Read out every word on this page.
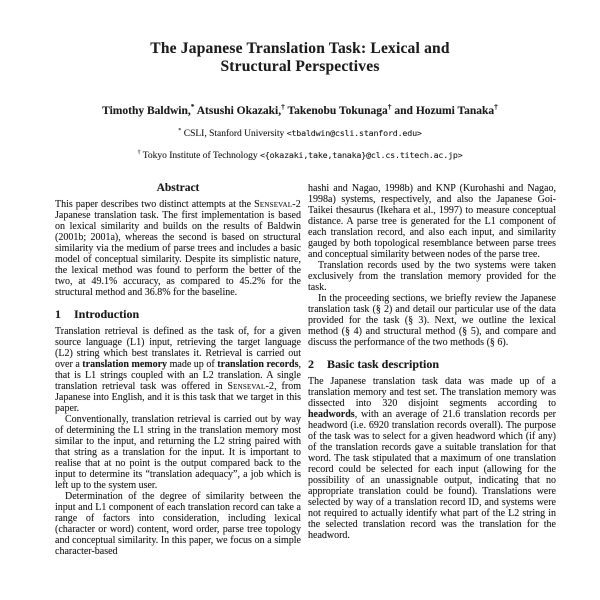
The Japanese Translation Task: Lexical and
Structural Perspectives
Timothy Baldwin,* Atsushi Okazaki,† Takenobu Tokunaga† and Hozumi Tanaka†
* CSLI, Stanford University <tbaldwin@csli.stanford.edu>
† Tokyo Institute of Technology <{okazaki,take,tanaka}@cl.cs.titech.ac.jp>
Abstract

This paper describes two distinct attempts at the Senseval-2 Japanese translation task. The first implementation is based on lexical similarity and builds on the results of Baldwin (2001b; 2001a), whereas the second is based on structural similarity via the medium of parse trees and includes a basic model of conceptual similarity. Despite its simplistic nature, the lexical method was found to perform the better of the two, at 49.1% accuracy, as compared to 45.2% for the structural method and 36.8% for the baseline.

1 Introduction

Translation retrieval is defined as the task of, for a given source language (L1) input, retrieving the target language (L2) string which best translates it. Retrieval is carried out over a translation memory made up of translation records, that is L1 strings coupled with an L2 translation. A single translation retrieval task was offered in Senseval-2, from Japanese into English, and it is this task that we target in this paper.

Conventionally, translation retrieval is carried out by way of determining the L1 string in the translation memory most similar to the input, and returning the L2 string paired with that string as a translation for the input. It is important to realise that at no point is the output compared back to the input to determine its “translation adequacy”, a job which is left up to the system user.

Determination of the degree of similarity between the input and L1 component of each translation record can take a range of factors into consideration, including lexical (character or word) content, word order, parse tree topology and conceptual similarity. In this paper, we focus on a simple character-based

hashi and Nagao, 1998b) and KNP (Kurohashi and Nagao, 1998a) systems, respectively, and also the Japanese Goi-Taikei thesaurus (Ikehara et al., 1997) to measure conceptual distance. A parse tree is generated for the L1 component of each translation record, and also each input, and similarity gauged by both topological resemblance between parse trees and conceptual similarity between nodes of the parse tree.

Translation records used by the two systems were taken exclusively from the translation memory provided for the task.

In the proceeding sections, we briefly review the Japanese translation task (§ 2) and detail our particular use of the data provided for the task (§ 3). Next, we outline the lexical method (§ 4) and structural method (§ 5), and compare and discuss the performance of the two methods (§ 6).

2 Basic task description

The Japanese translation task data was made up of a translation memory and test set. The translation memory was dissected into 320 disjoint segments according to headwords, with an average of 21.6 translation records per headword (i.e. 6920 translation records overall). The purpose of the task was to select for a given headword which (if any) of the translation records gave a suitable translation for that word. The task stipulated that a maximum of one translation record could be selected for each input (allowing for the possibility of an unassignable output, indicating that no appropriate translation could be found). Translations were selected by way of a translation record ID, and systems were not required to actually identify what part of the L2 string in the selected translation record was the translation for the headword.
